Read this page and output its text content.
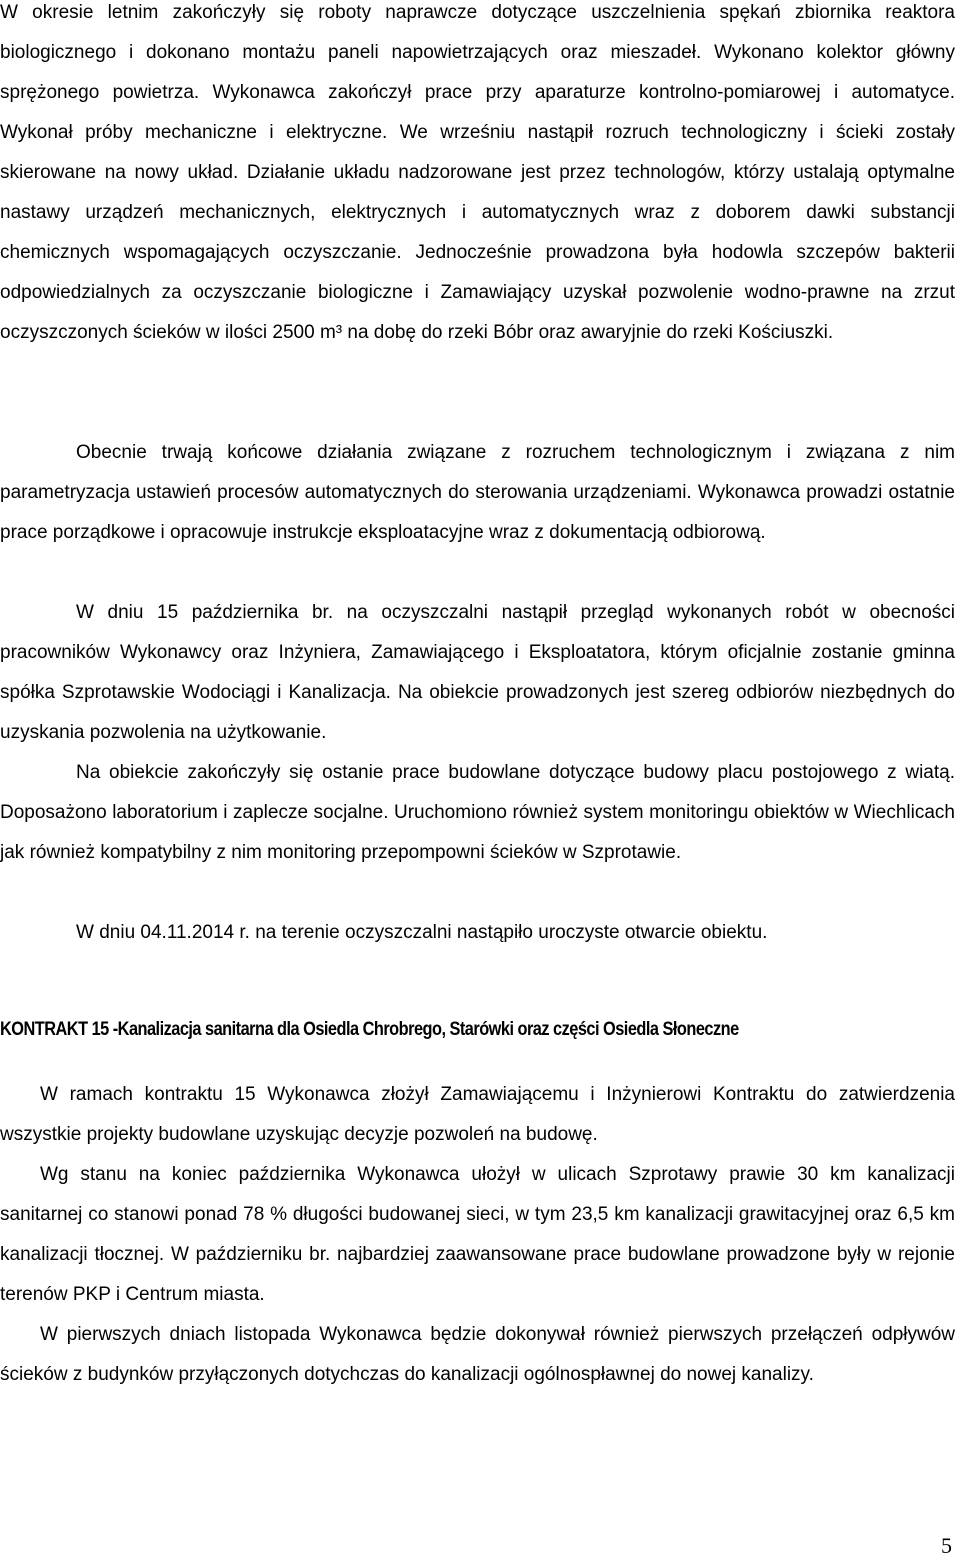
W okresie letnim zakończyły się roboty naprawcze dotyczące uszczelnienia spękań zbiornika reaktora biologicznego i dokonano montażu paneli napowietrzających oraz mieszadeł. Wykonano kolektor główny sprężonego powietrza. Wykonawca zakończył prace przy aparaturze kontrolno-pomiarowej i automatyce. Wykonał próby mechaniczne i elektryczne. We wrześniu nastąpił rozruch technologiczny i ścieki zostały skierowane na nowy układ. Działanie układu nadzorowane jest przez technologów, którzy ustalają optymalne nastawy urządzeń mechanicznych, elektrycznych i automatycznych wraz z doborem dawki substancji chemicznych wspomagających oczyszczanie. Jednocześnie prowadzona była hodowla szczepów bakterii odpowiedzialnych za oczyszczanie biologiczne i Zamawiający uzyskał pozwolenie wodno-prawne na zrzut oczyszczonych ścieków w ilości 2500 m³ na dobę do rzeki Bóbr oraz awaryjnie do rzeki Kościuszki.

Obecnie trwają końcowe działania związane z rozruchem technologicznym i związana z nim parametryzacja ustawień procesów automatycznych do sterowania urządzeniami. Wykonawca prowadzi ostatnie prace porządkowe i opracowuje instrukcje eksploatacyjne wraz z dokumentacją odbiorową.

W dniu 15 października br. na oczyszczalni nastąpił przegląd wykonanych robót w obecności pracowników Wykonawcy oraz Inżyniera, Zamawiającego i Eksploatatora, którym oficjalnie zostanie gminna spółka Szprotawskie Wodociągi i Kanalizacja. Na obiekcie prowadzonych jest szereg odbiorów niezbędnych do uzyskania pozwolenia na użytkowanie.

Na obiekcie zakończyły się ostanie prace budowlane dotyczące budowy placu postojowego z wiatą. Doposażono laboratorium i zaplecze socjalne. Uruchomiono również system monitoringu obiektów w Wiechlicach jak również kompatybilny z nim monitoring przepompowni ścieków w Szprotawie.

W dniu 04.11.2014 r. na terenie oczyszczalni nastąpiło uroczyste otwarcie obiektu.

KONTRAKT 15 -Kanalizacja sanitarna dla Osiedla Chrobrego, Starówki oraz części Osiedla Słoneczne

W ramach kontraktu 15 Wykonawca złożył Zamawiającemu i Inżynierowi Kontraktu do zatwierdzenia wszystkie projekty budowlane uzyskując decyzje pozwoleń na budowę.

Wg stanu na koniec października Wykonawca ułożył w ulicach Szprotawy prawie 30 km kanalizacji sanitarnej co stanowi ponad 78 % długości budowanej sieci, w tym 23,5 km kanalizacji grawitacyjnej oraz 6,5 km kanalizacji tłocznej. W październiku br. najbardziej zaawansowane prace budowlane prowadzone były w rejonie terenów PKP i Centrum miasta.

W pierwszych dniach listopada Wykonawca będzie dokonywał również pierwszych przełączeń odpływów ścieków z budynków przyłączonych dotychczas do kanalizacji ogólnospławnej do nowej kanalizy.

5
